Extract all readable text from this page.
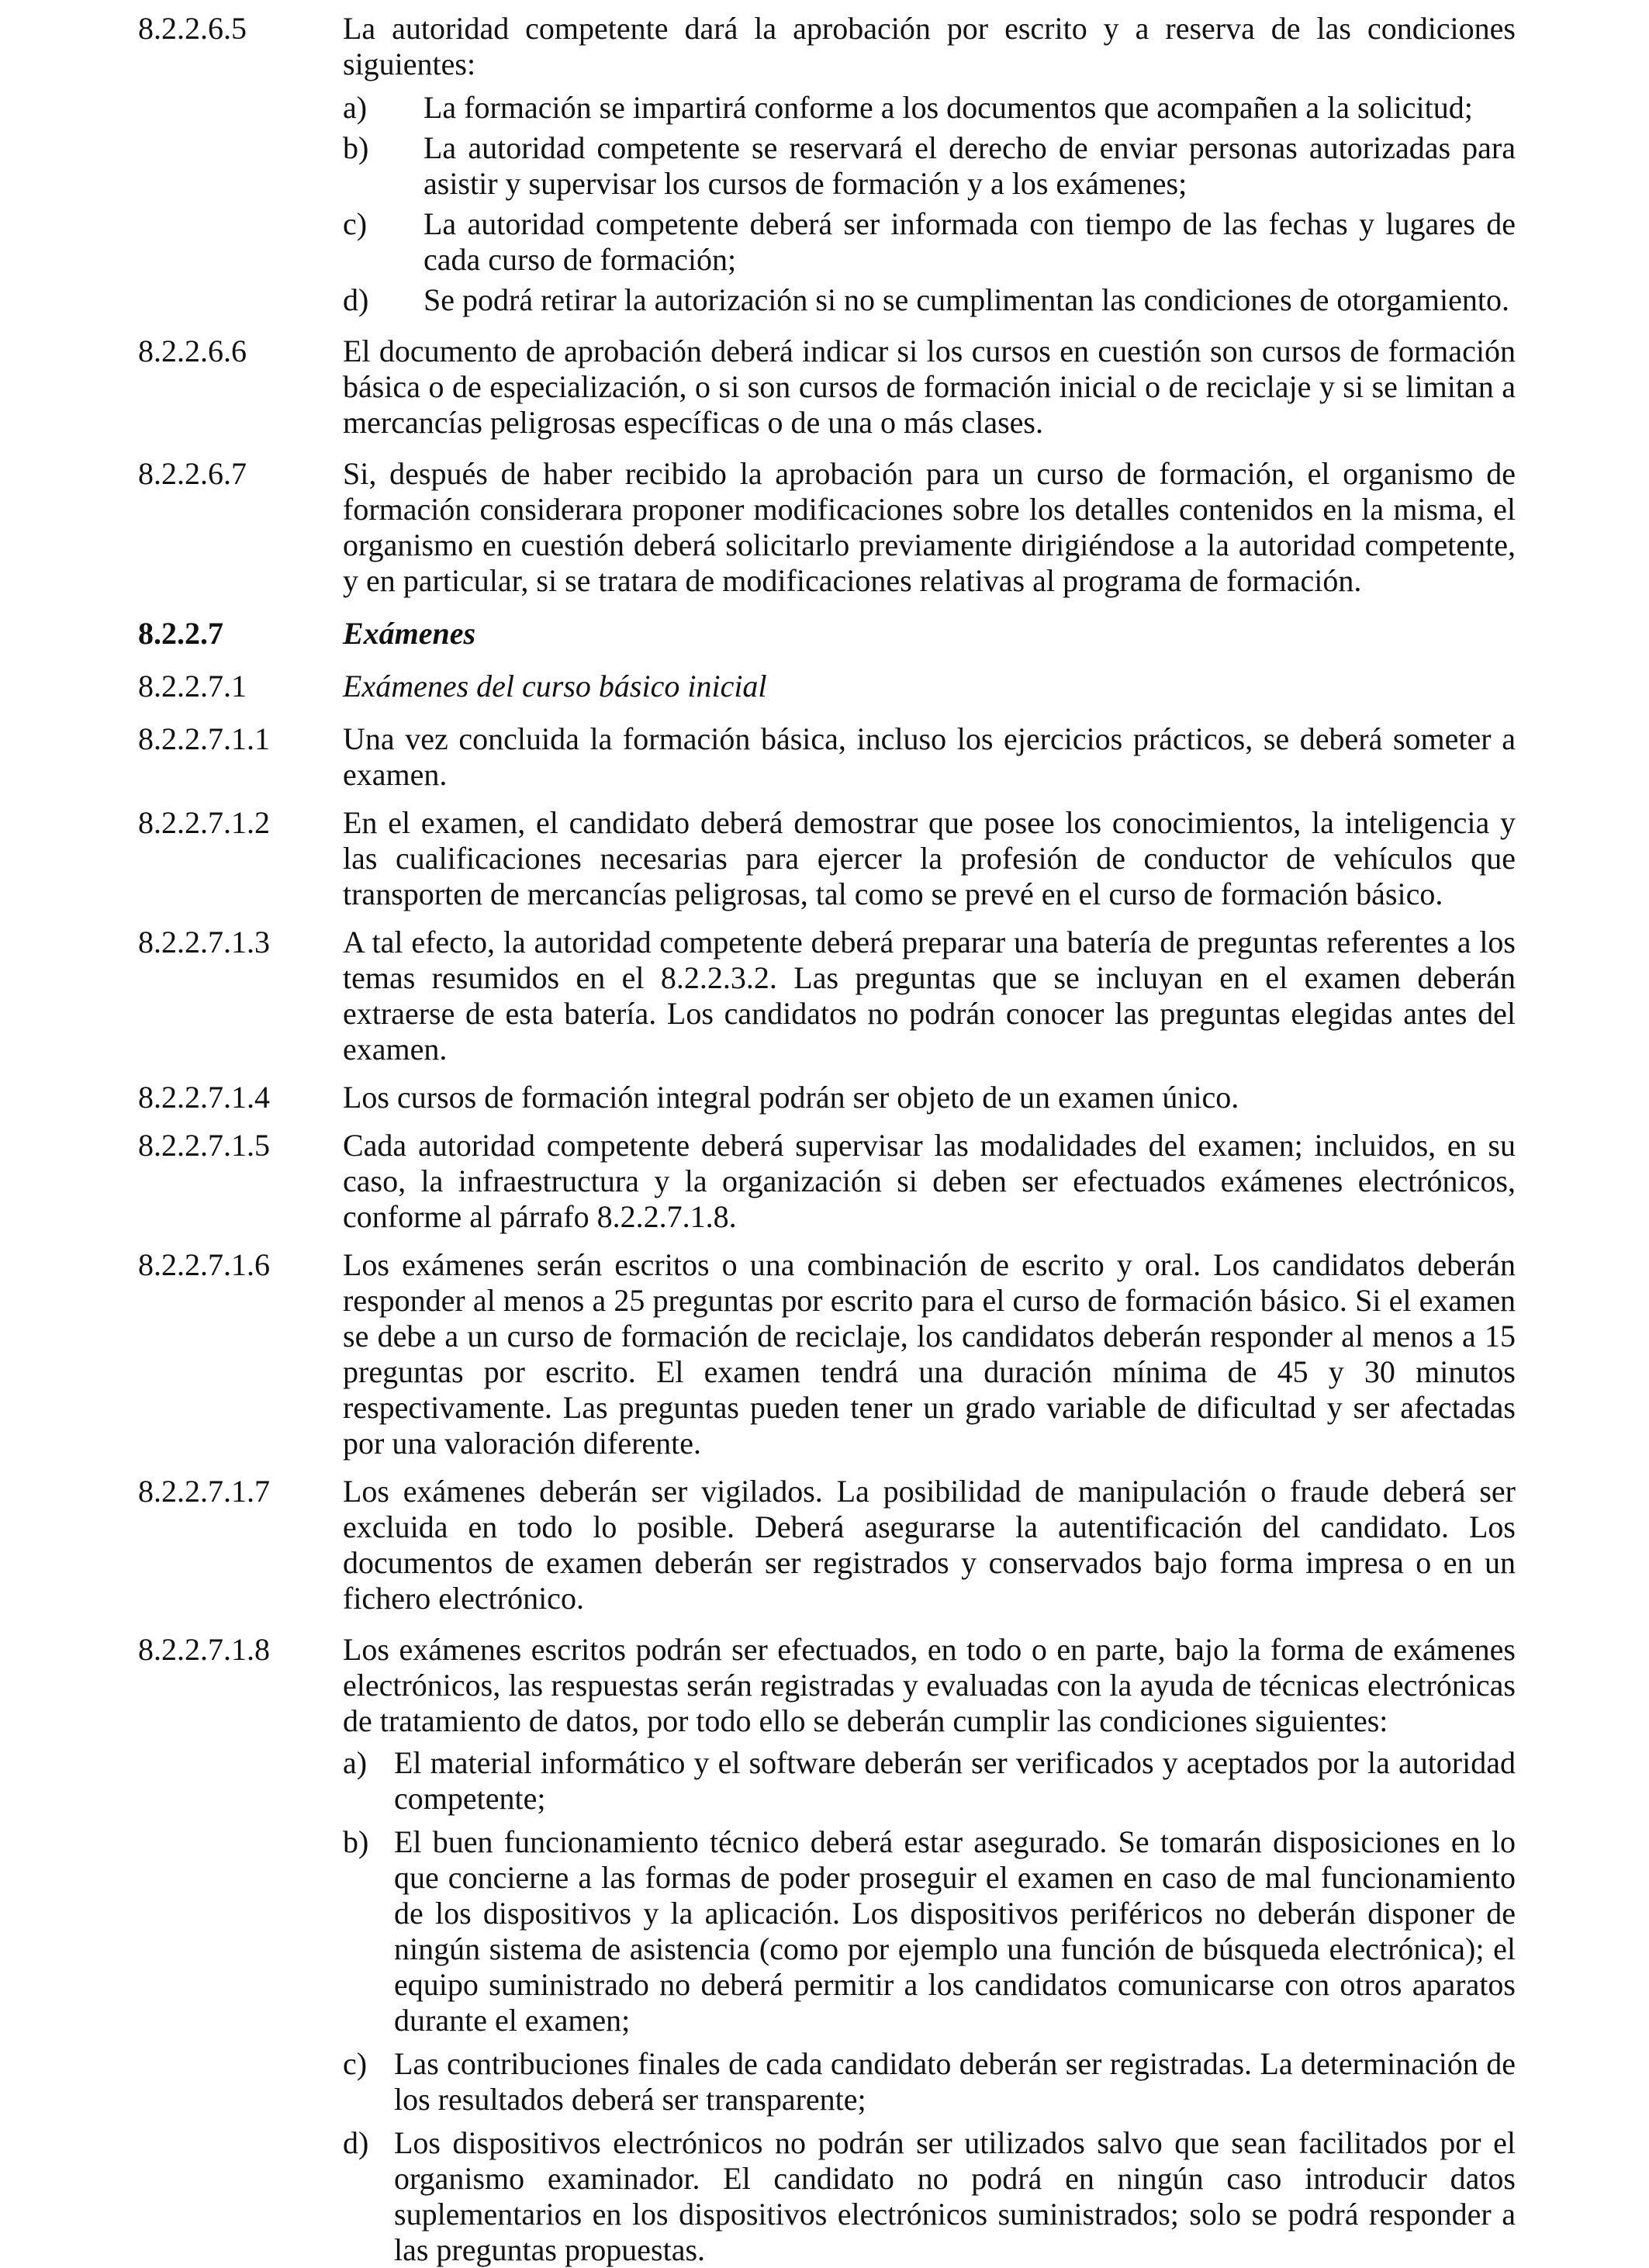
8.2.2.6.5	La autoridad competente dará la aprobación por escrito y a reserva de las condiciones siguientes:
a)	La formación se impartirá conforme a los documentos que acompañen a la solicitud;
b)	La autoridad competente se reservará el derecho de enviar personas autorizadas para asistir y supervisar los cursos de formación y a los exámenes;
c)	La autoridad competente deberá ser informada con tiempo de las fechas y lugares de cada curso de formación;
d)	Se podrá retirar la autorización si no se cumplimentan las condiciones de otorgamiento.
8.2.2.6.6	El documento de aprobación deberá indicar si los cursos en cuestión son cursos de formación básica o de especialización, o si son cursos de formación inicial o de reciclaje y si se limitan a mercancías peligrosas específicas o de una o más clases.
8.2.2.6.7	Si, después de haber recibido la aprobación para un curso de formación, el organismo de formación considerara proponer modificaciones sobre los detalles contenidos en la misma, el organismo en cuestión deberá solicitarlo previamente dirigiéndose a la autoridad competente, y en particular, si se tratara de modificaciones relativas al programa de formación.
8.2.2.7	Exámenes
8.2.2.7.1	Exámenes del curso básico inicial
8.2.2.7.1.1	Una vez concluida la formación básica, incluso los ejercicios prácticos, se deberá someter a examen.
8.2.2.7.1.2	En el examen, el candidato deberá demostrar que posee los conocimientos, la inteligencia y las cualificaciones necesarias para ejercer la profesión de conductor de vehículos que transporten de mercancías peligrosas, tal como se prevé en el curso de formación básico.
8.2.2.7.1.3	A tal efecto, la autoridad competente deberá preparar una batería de preguntas referentes a los temas resumidos en el 8.2.2.3.2. Las preguntas que se incluyan en el examen deberán extraerse de esta batería. Los candidatos no podrán conocer las preguntas elegidas antes del examen.
8.2.2.7.1.4	Los cursos de formación integral podrán ser objeto de un examen único.
8.2.2.7.1.5	Cada autoridad competente deberá supervisar las modalidades del examen; incluidos, en su caso, la infraestructura y la organización si deben ser efectuados exámenes electrónicos, conforme al párrafo 8.2.2.7.1.8.
8.2.2.7.1.6	Los exámenes serán escritos o una combinación de escrito y oral. Los candidatos deberán responder al menos a 25 preguntas por escrito para el curso de formación básico. Si el examen se debe a un curso de formación de reciclaje, los candidatos deberán responder al menos a 15 preguntas por escrito. El examen tendrá una duración mínima de 45 y 30 minutos respectivamente. Las preguntas pueden tener un grado variable de dificultad y ser afectadas por una valoración diferente.
8.2.2.7.1.7	Los exámenes deberán ser vigilados. La posibilidad de manipulación o fraude deberá ser excluida en todo lo posible. Deberá asegurarse la autentificación del candidato. Los documentos de examen deberán ser registrados y conservados bajo forma impresa o en un fichero electrónico.
8.2.2.7.1.8	Los exámenes escritos podrán ser efectuados, en todo o en parte, bajo la forma de exámenes electrónicos, las respuestas serán registradas y evaluadas con la ayuda de técnicas electrónicas de tratamiento de datos, por todo ello se deberán cumplir las condiciones siguientes:
a) El material informático y el software deberán ser verificados y aceptados por la autoridad competente;
b) El buen funcionamiento técnico deberá estar asegurado. Se tomarán disposiciones en lo que concierne a las formas de poder proseguir el examen en caso de mal funcionamiento de los dispositivos y la aplicación. Los dispositivos periféricos no deberán disponer de ningún sistema de asistencia (como por ejemplo una función de búsqueda electrónica); el equipo suministrado no deberá permitir a los candidatos comunicarse con otros aparatos durante el examen;
c) Las contribuciones finales de cada candidato deberán ser registradas. La determinación de los resultados deberá ser transparente;
d) Los dispositivos electrónicos no podrán ser utilizados salvo que sean facilitados por el organismo examinador. El candidato no podrá en ningún caso introducir datos suplementarios en los dispositivos electrónicos suministrados; solo se podrá responder a las preguntas propuestas.
